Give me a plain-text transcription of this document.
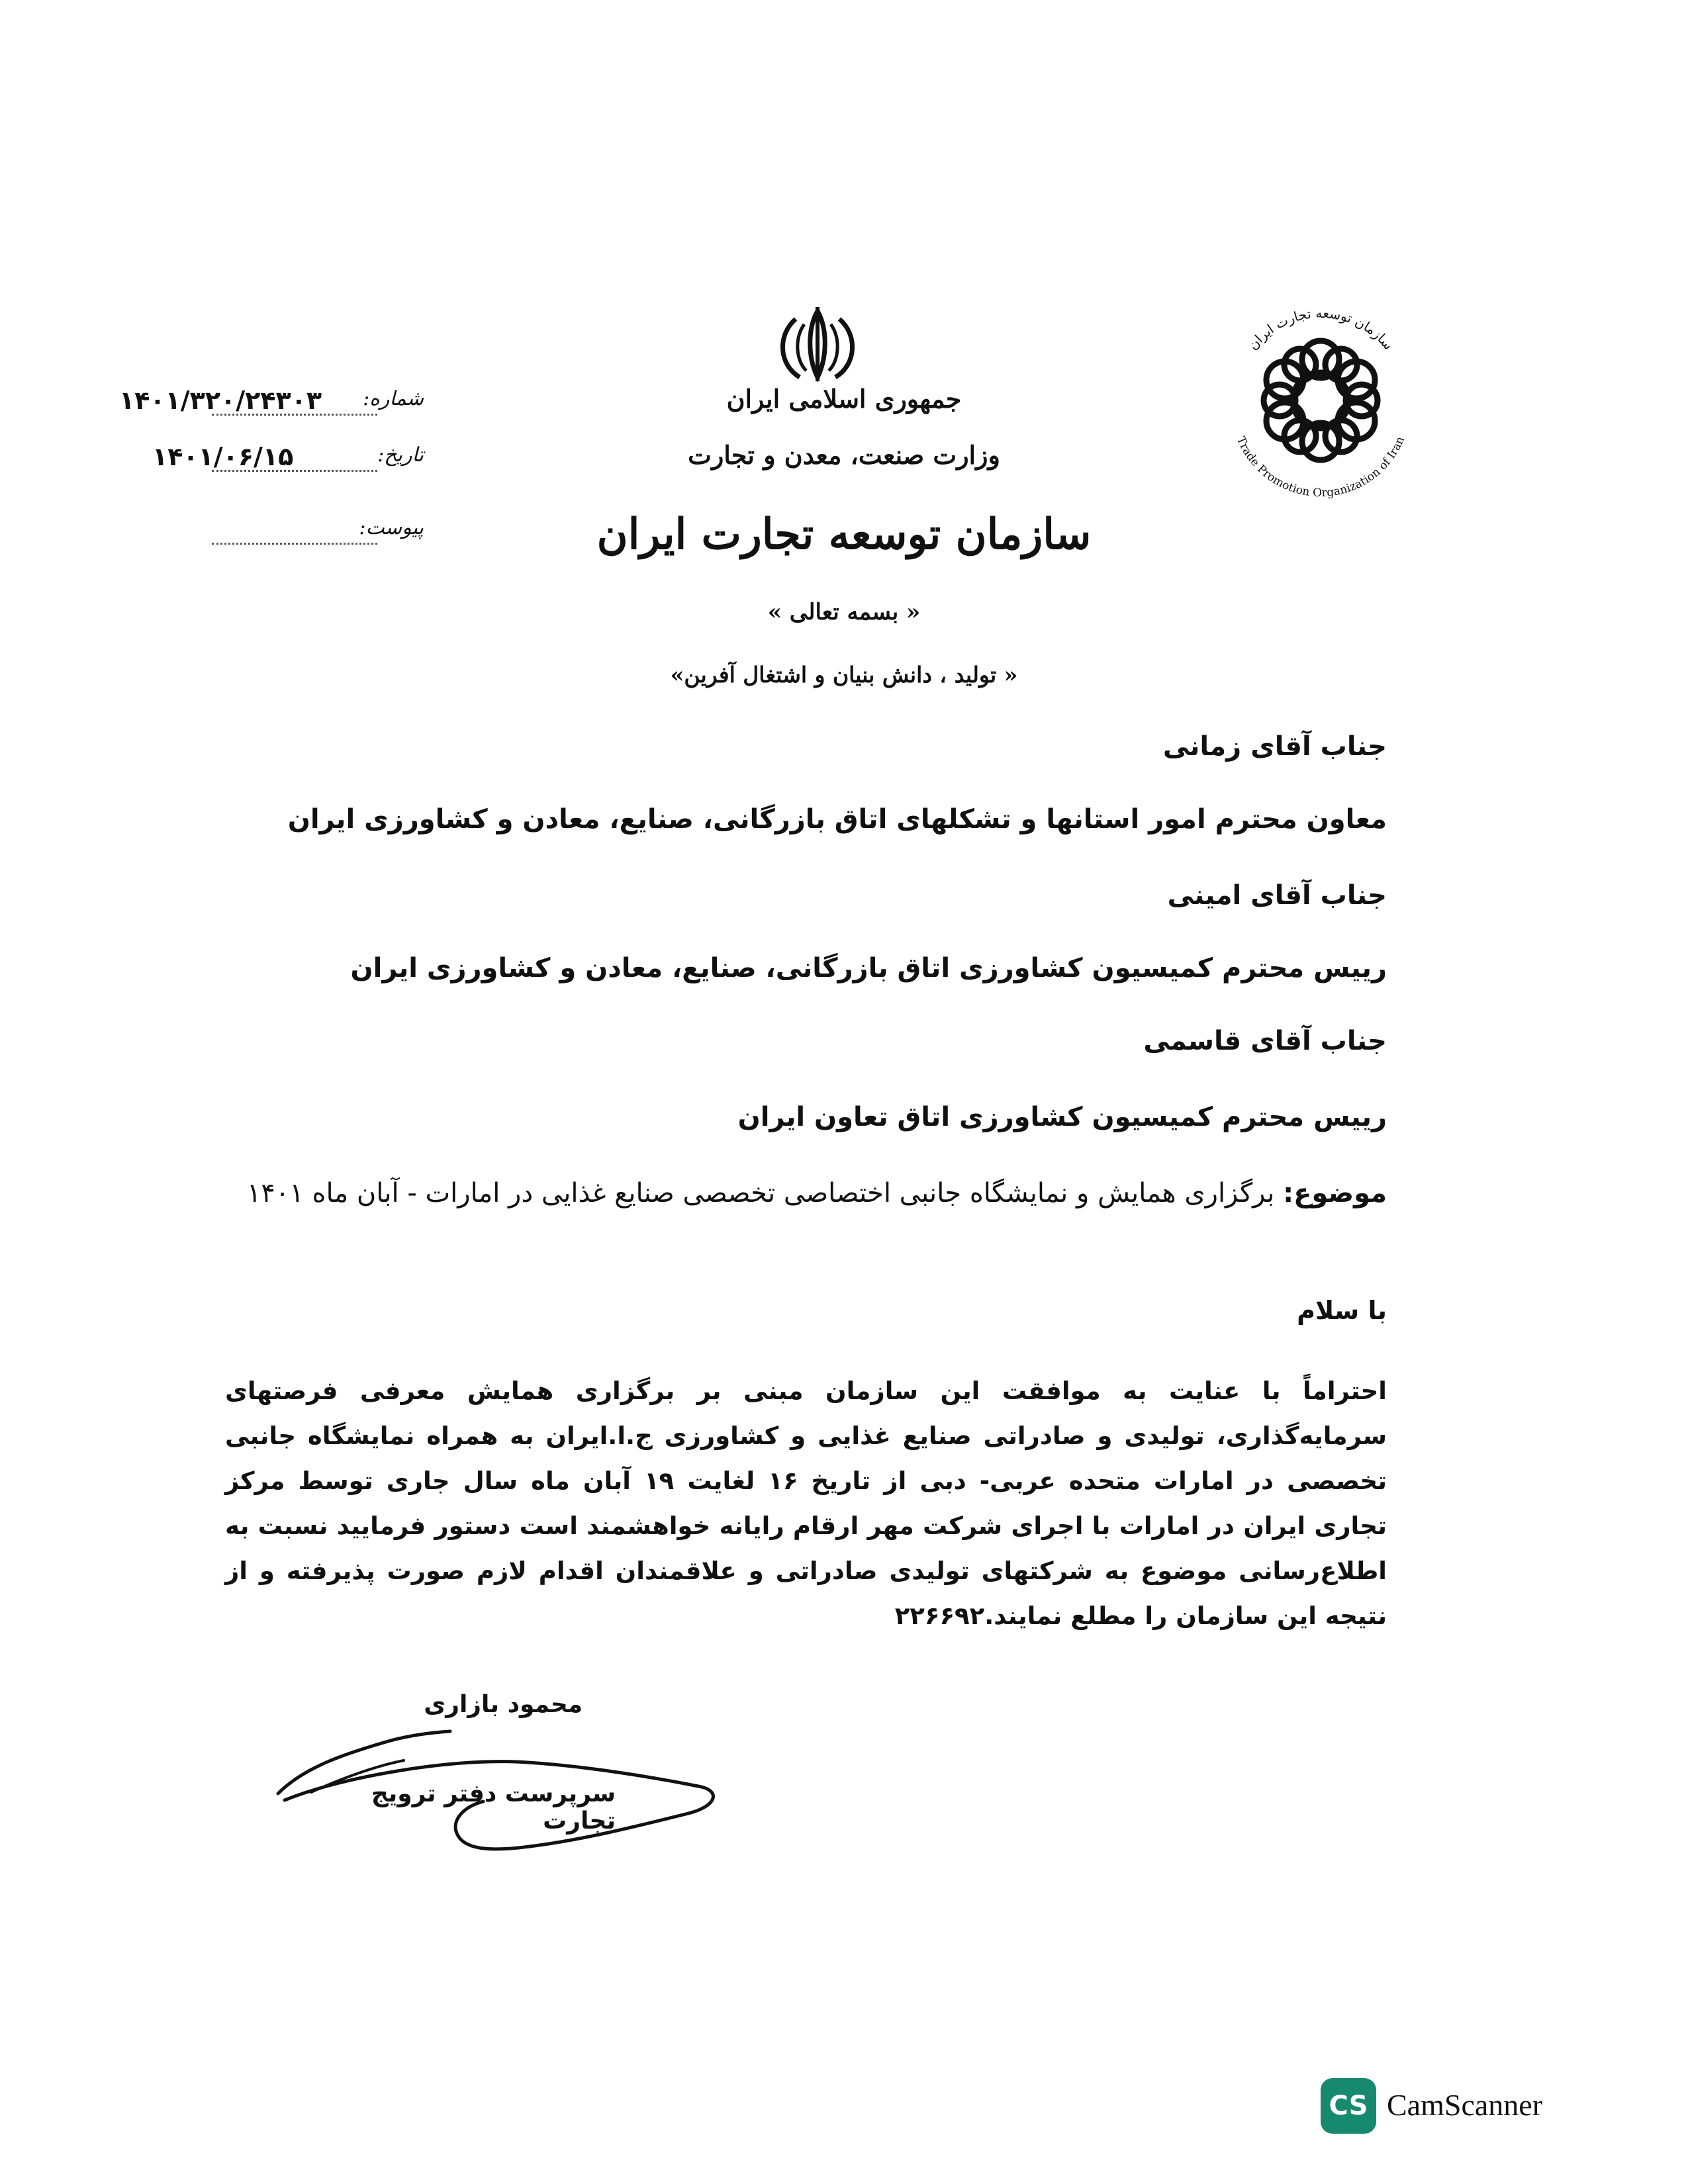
جمهوری اسلامی ایران
وزارت صنعت، معدن و تجارت
سازمان توسعه تجارت ایران
« بسمه تعالی »
« تولید ، دانش بنیان و اشتغال آفرین»
سازمان توسعه تجارت ایران
Trade Promotion Organization of Iran
شماره:
۱۴۰۱/۳۲۰/۲۴۳۰۳
تاریخ:
۱۴۰۱/۰۶/۱۵
پیوست:
جناب آقای زمانی
معاون محترم امور استانها و تشکلهای اتاق بازرگانی، صنایع، معادن و کشاورزی ایران
جناب آقای امینی
رییس محترم کمیسیون کشاورزی اتاق بازرگانی، صنایع، معادن و کشاورزی ایران
جناب آقای قاسمی
رییس محترم کمیسیون کشاورزی اتاق تعاون ایران
موضوع: برگزاری همایش و نمایشگاه جانبی اختصاصی تخصصی صنایع غذایی در امارات - آبان ماه ۱۴۰۱
با سلام
احتراماً با عنایت به موافقت این سازمان مبنی بر برگزاری همایش معرفی فرصتهای سرمایه‌گذاری، تولیدی و صادراتی صنایع غذایی و کشاورزی ج.ا.ایران به همراه نمایشگاه جانبی تخصصی در امارات متحده عربی- دبی از تاریخ ۱۶ لغایت ۱۹ آبان ماه سال جاری توسط مرکز تجاری ایران در امارات با اجرای شرکت مهر ارقام رایانه خواهشمند است دستور فرمایید نسبت به اطلاع‌رسانی موضوع به شرکتهای تولیدی صادراتی و علاقمندان اقدام لازم صورت پذیرفته و از نتیجه این سازمان را مطلع نمایند.۲۲۶۶۹۲
محمود بازاری
سرپرست دفتر ترویج تجارت
CS CamScanner
